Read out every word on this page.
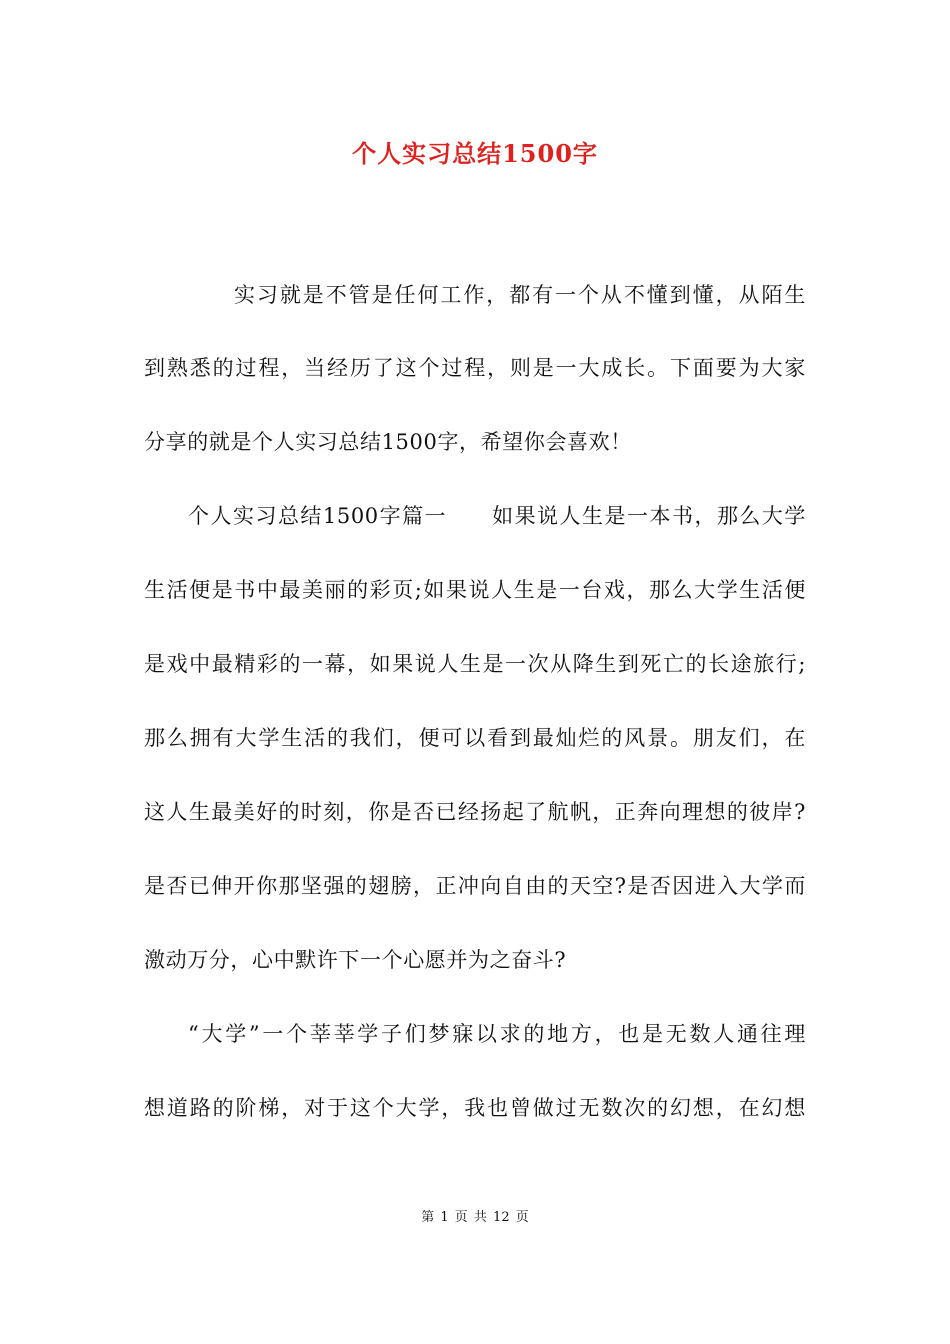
个人实习总结1500字
实习就是不管是任何工作，都有一个从不懂到懂，从陌生
到熟悉的过程，当经历了这个过程，则是一大成长。下面要为大家
分享的就是个人实习总结1500字，希望你会喜欢！
个人实习总结1500字篇一　　如果说人生是一本书，那么大学
生活便是书中最美丽的彩页;如果说人生是一台戏，那么大学生活便
是戏中最精彩的一幕，如果说人生是一次从降生到死亡的长途旅行;
那么拥有大学生活的我们，便可以看到最灿烂的风景。朋友们，在
这人生最美好的时刻，你是否已经扬起了航帆，正奔向理想的彼岸?
是否已伸开你那坚强的翅膀，正冲向自由的天空?是否因进入大学而
激动万分，心中默许下一个心愿并为之奋斗?
“大学”一个莘莘学子们梦寐以求的地方，也是无数人通往理
想道路的阶梯，对于这个大学，我也曾做过无数次的幻想，在幻想
第 1 页 共 12 页
